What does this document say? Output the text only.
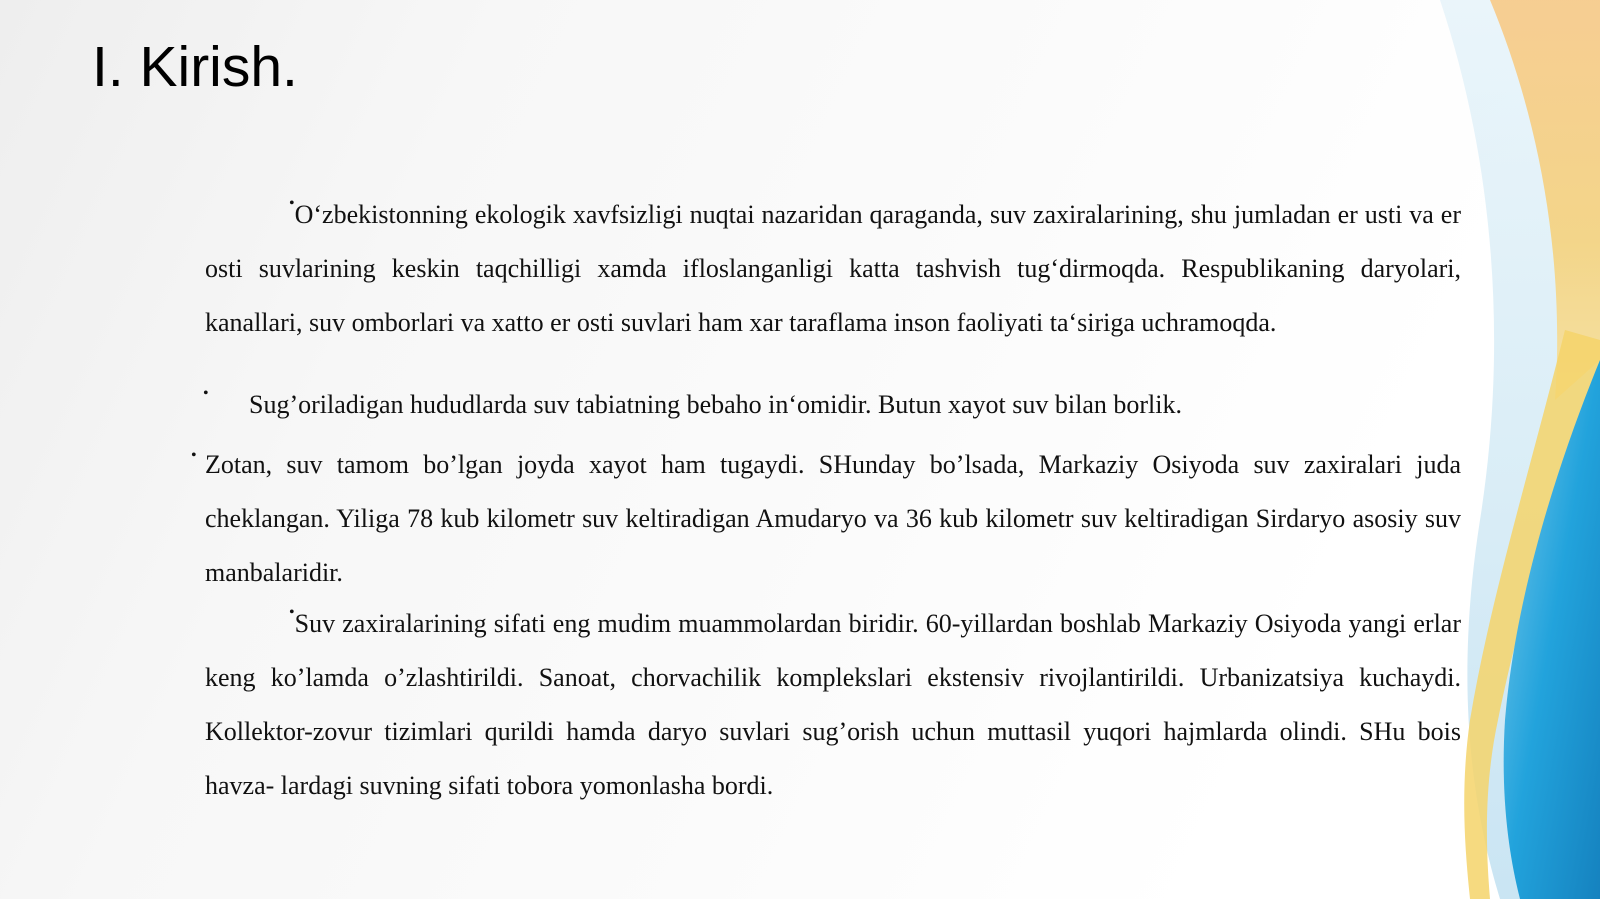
I. Kirish.

•O‘zbekistonning ekologik xavfsizligi nuqtai nazaridan qaraganda, suv zaxiralarining, shu jumladan er usti va er osti suvlarining keskin taqchilligi xamda ifloslanganligi katta tashvish tug‘dirmoqda. Respublikaning daryolari, kanallari, suv omborlari va xatto er osti suvlari ham xar taraflama inson faoliyati ta‘siriga uchramoqda.

•	Sug’oriladigan hududlarda suv tabiatning bebaho in‘omidir. Butun xayot suv bilan borlik.

• Zotan, suv tamom bo’lgan joyda xayot ham tugaydi. SHunday bo’lsada, Markaziy Osiyoda suv zaxiralari juda cheklangan. Yiliga 78 kub kilometr suv keltiradigan Amudaryo va 36 kub kilometr suv keltiradigan Sirdaryo asosiy suv manbalaridir.

•Suv zaxiralarining sifati eng mudim muammolardan biridir. 60-yillardan boshlab Markaziy Osiyoda yangi erlar keng ko’lamda o’zlashtirildi. Sanoat, chorvachilik komplekslari ekstensiv rivojlantirildi. Urbanizatsiya kuchaydi. Kollektor-zovur tizimlari qurildi hamda daryo suvlari sug’orish uchun muttasil yuqori hajmlarda olindi. SHu bois havza- lardagi suvning sifati tobora yomonlasha bordi.
